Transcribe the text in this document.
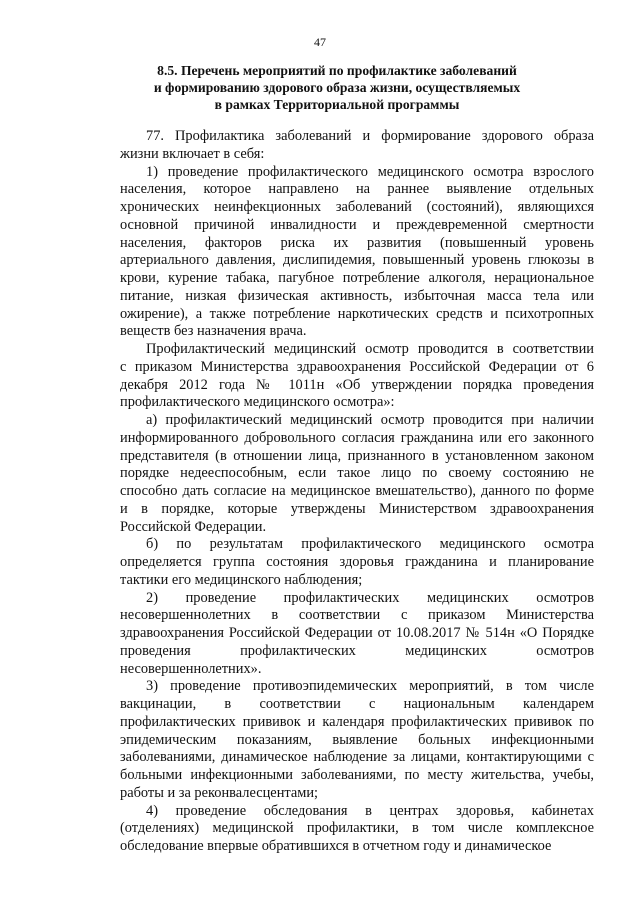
47
8.5. Перечень мероприятий по профилактике заболеваний
и формированию здорового образа жизни, осуществляемых
в рамках Территориальной программы

77. Профилактика заболеваний и формирование здорового образа
жизни включает в себя:

1) проведение профилактического медицинского осмотра взрослого
населения, которое направлено на раннее выявление отдельных
хронических неинфекционных заболеваний (состояний), являющихся
основной причиной инвалидности и преждевременной смертности
населения, факторов риска их развития (повышенный уровень
артериального давления, дислипидемия, повышенный уровень глюкозы в
крови, курение табака, пагубное потребление алкоголя, нерациональное
питание, низкая физическая активность, избыточная масса тела или
ожирение), а также потребление наркотических средств и психотропных
веществ без назначения врача.

Профилактический медицинский осмотр проводится в соответствии
с приказом Министерства здравоохранения Российской Федерации от 6
декабря 2012 года № 1011н «Об утверждении порядка проведения
профилактического медицинского осмотра»:

а) профилактический медицинский осмотр проводится при наличии
информированного добровольного согласия гражданина или его законного
представителя (в отношении лица, признанного в установленном законом
порядке недееспособным, если такое лицо по своему состоянию не
способно дать согласие на медицинское вмешательство), данного по форме
и в порядке, которые утверждены Министерством здравоохранения
Российской Федерации.

б) по результатам профилактического медицинского осмотра
определяется группа состояния здоровья гражданина и планирование
тактики его медицинского наблюдения;

2) проведение профилактических медицинских осмотров
несовершеннолетних в соответствии с приказом Министерства
здравоохранения Российской Федерации от 10.08.2017 № 514н «О Порядке
проведения профилактических медицинских осмотров
несовершеннолетних».

3) проведение противоэпидемических мероприятий, в том числе
вакцинации, в соответствии с национальным календарем
профилактических прививок и календаря профилактических прививок по
эпидемическим показаниям, выявление больных инфекционными
заболеваниями, динамическое наблюдение за лицами, контактирующими с
больными инфекционными заболеваниями, по месту жительства, учебы,
работы и за реконвалесцентами;

4) проведение обследования в центрах здоровья, кабинетах
(отделениях) медицинской профилактики, в том числе комплексное
обследование впервые обратившихся в отчетном году и динамическое
